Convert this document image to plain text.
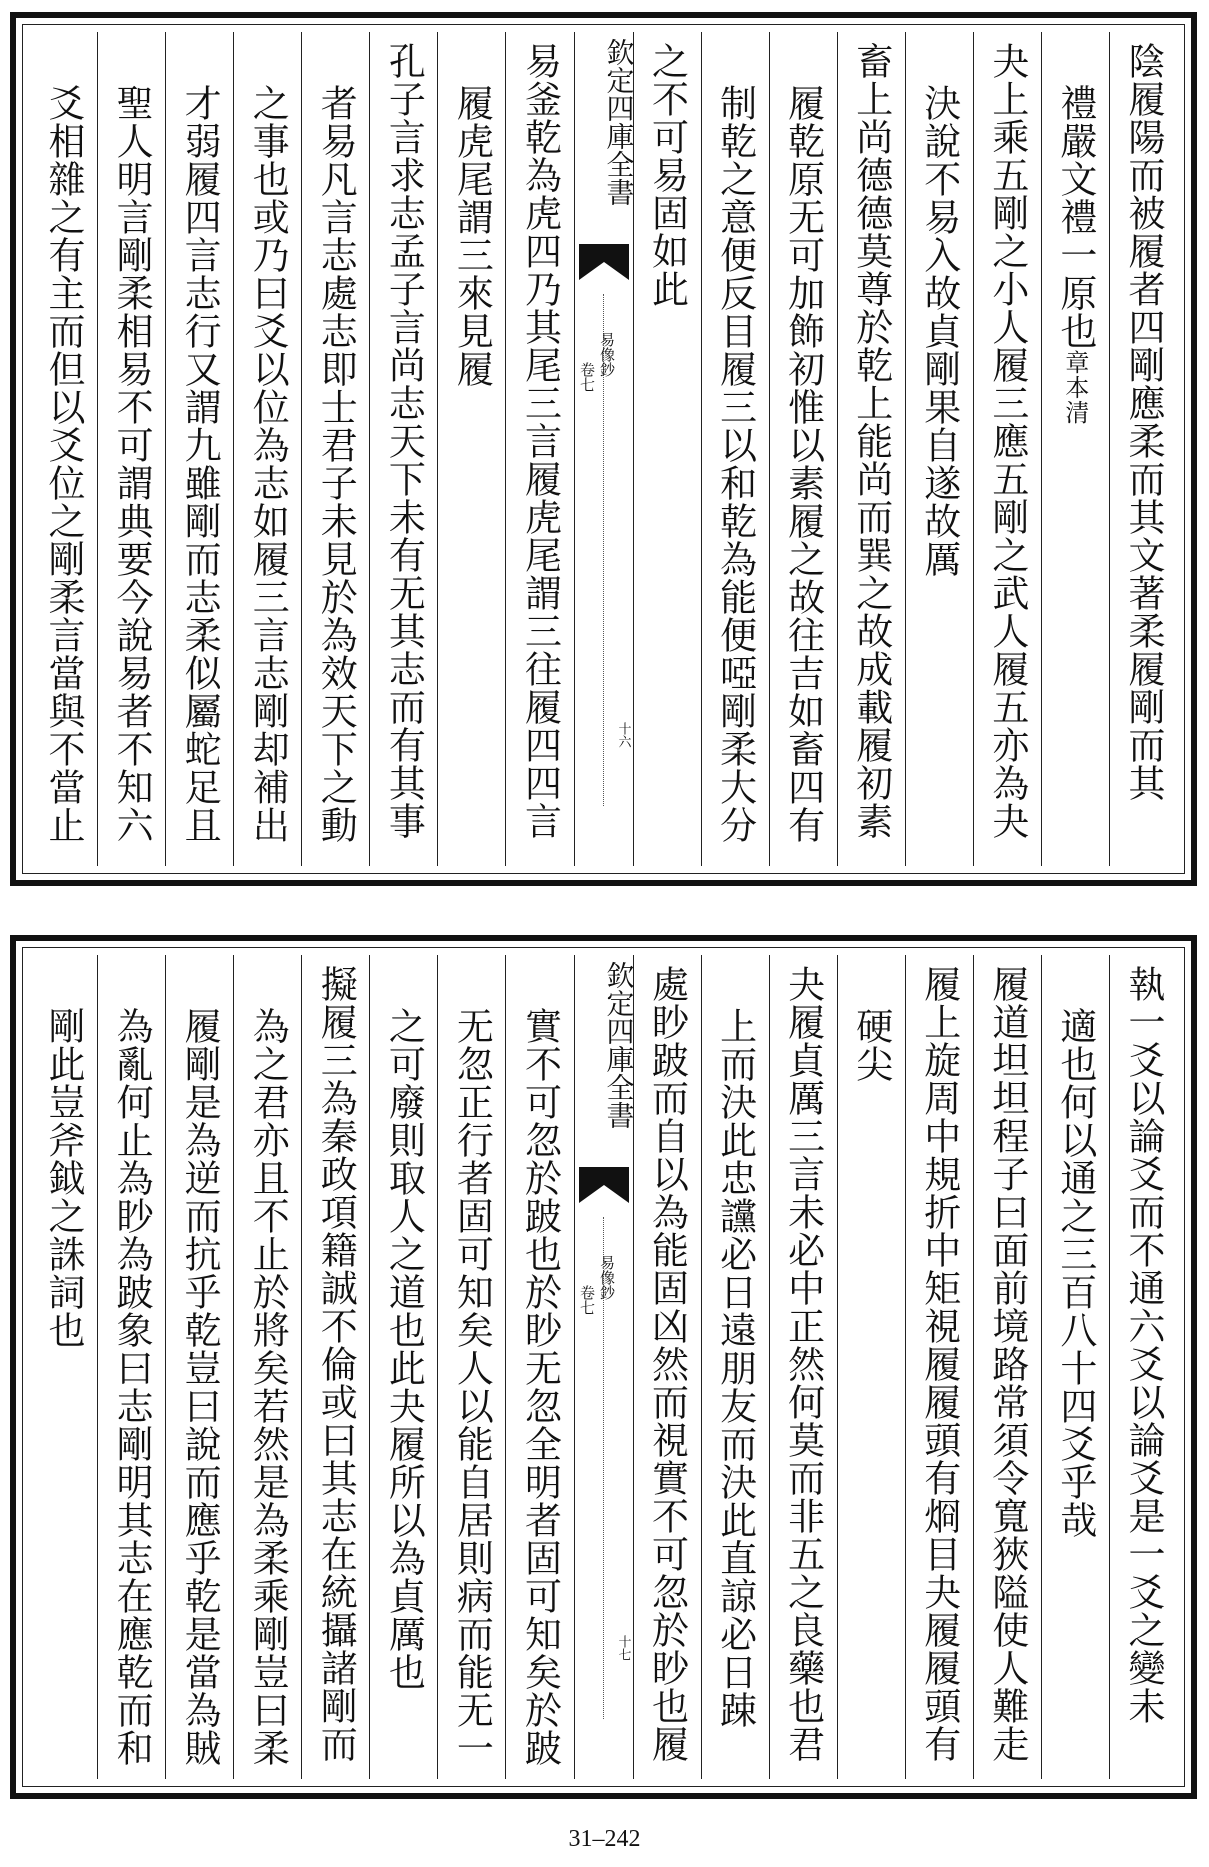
陰履陽而被履者四剛應柔而其文著柔履剛而其
禮嚴文禮一原也章本清
夬上乘五剛之小人履三應五剛之武人履五亦為夬
決說不易入故貞剛果自遂故厲
畜上尚德德莫尊於乾上能尚而巽之故成載履初素
履乾原无可加飾初惟以素履之故往吉如畜四有
制乾之意便反目履三以和乾為能便啞剛柔大分
之不可易固如此
欽定四庫全書
易像鈔
卷七
十六
易釜乾為虎四乃其尾三言履虎尾謂三往履四四言
履虎尾謂三來見履
孔子言求志孟子言尚志天下未有无其志而有其事
者易凡言志處志即士君子未見於為效天下之動
之事也或乃曰爻以位為志如履三言志剛却補出
才弱履四言志行又謂九雖剛而志柔似屬蛇足且
聖人明言剛柔相易不可謂典要今說易者不知六
爻相雜之有主而但以爻位之剛柔言當與不當止
執一爻以論爻而不通六爻以論爻是一爻之變未
適也何以通之三百八十四爻乎哉
履道坦坦程子曰面前境路常須令寬狹隘使人難走
履上旋周中規折中矩視履履頭有烱目夬履履頭有
硬尖
夬履貞厲三言未必中正然何莫而非五之良藥也君
上而決此忠讜必日遠朋友而決此直諒必日踈
處眇跛而自以為能固凶然而視實不可忽於眇也履
欽定四庫全書
易像鈔
卷七
十七
實不可忽於跛也於眇无忽全明者固可知矣於跛
无忽正行者固可知矣人以能自居則病而能无一
之可廢則取人之道也此夬履所以為貞厲也
擬履三為秦政項籍誠不倫或曰其志在統攝諸剛而
為之君亦且不止於將矣若然是為柔乘剛豈曰柔
履剛是為逆而抗乎乾豈曰說而應乎乾是當為賊
為亂何止為眇為跛象曰志剛明其志在應乾而和
剛此豈斧鉞之誅詞也
31–242
